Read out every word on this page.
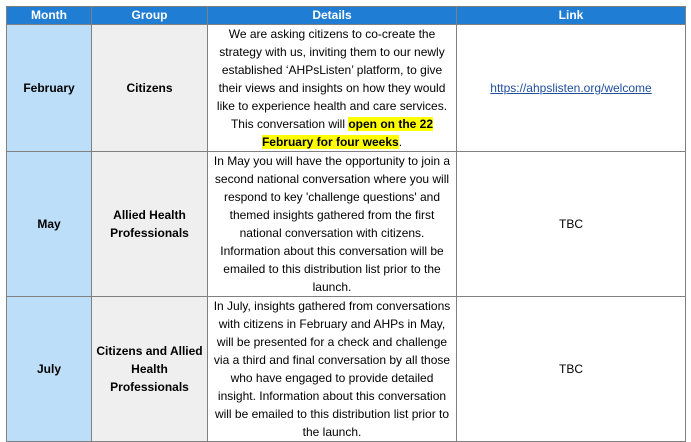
Month	Group	Details	Link
February	Citizens	We are asking citizens to co-create the strategy with us, inviting them to our newly established ‘AHPsListen’ platform, to give their views and insights on how they would like to experience health and care services. This conversation will open on the 22 February for four weeks.	https://ahpslisten.org/welcome
May	Allied Health Professionals	In May you will have the opportunity to join a second national conversation where you will respond to key 'challenge questions' and themed insights gathered from the first national conversation with citizens. Information about this conversation will be emailed to this distribution list prior to the launch.	TBC
July	Citizens and Allied Health Professionals	In July, insights gathered from conversations with citizens in February and AHPs in May, will be presented for a check and challenge via a third and final conversation by all those who have engaged to provide detailed insight. Information about this conversation will be emailed to this distribution list prior to the launch.	TBC
